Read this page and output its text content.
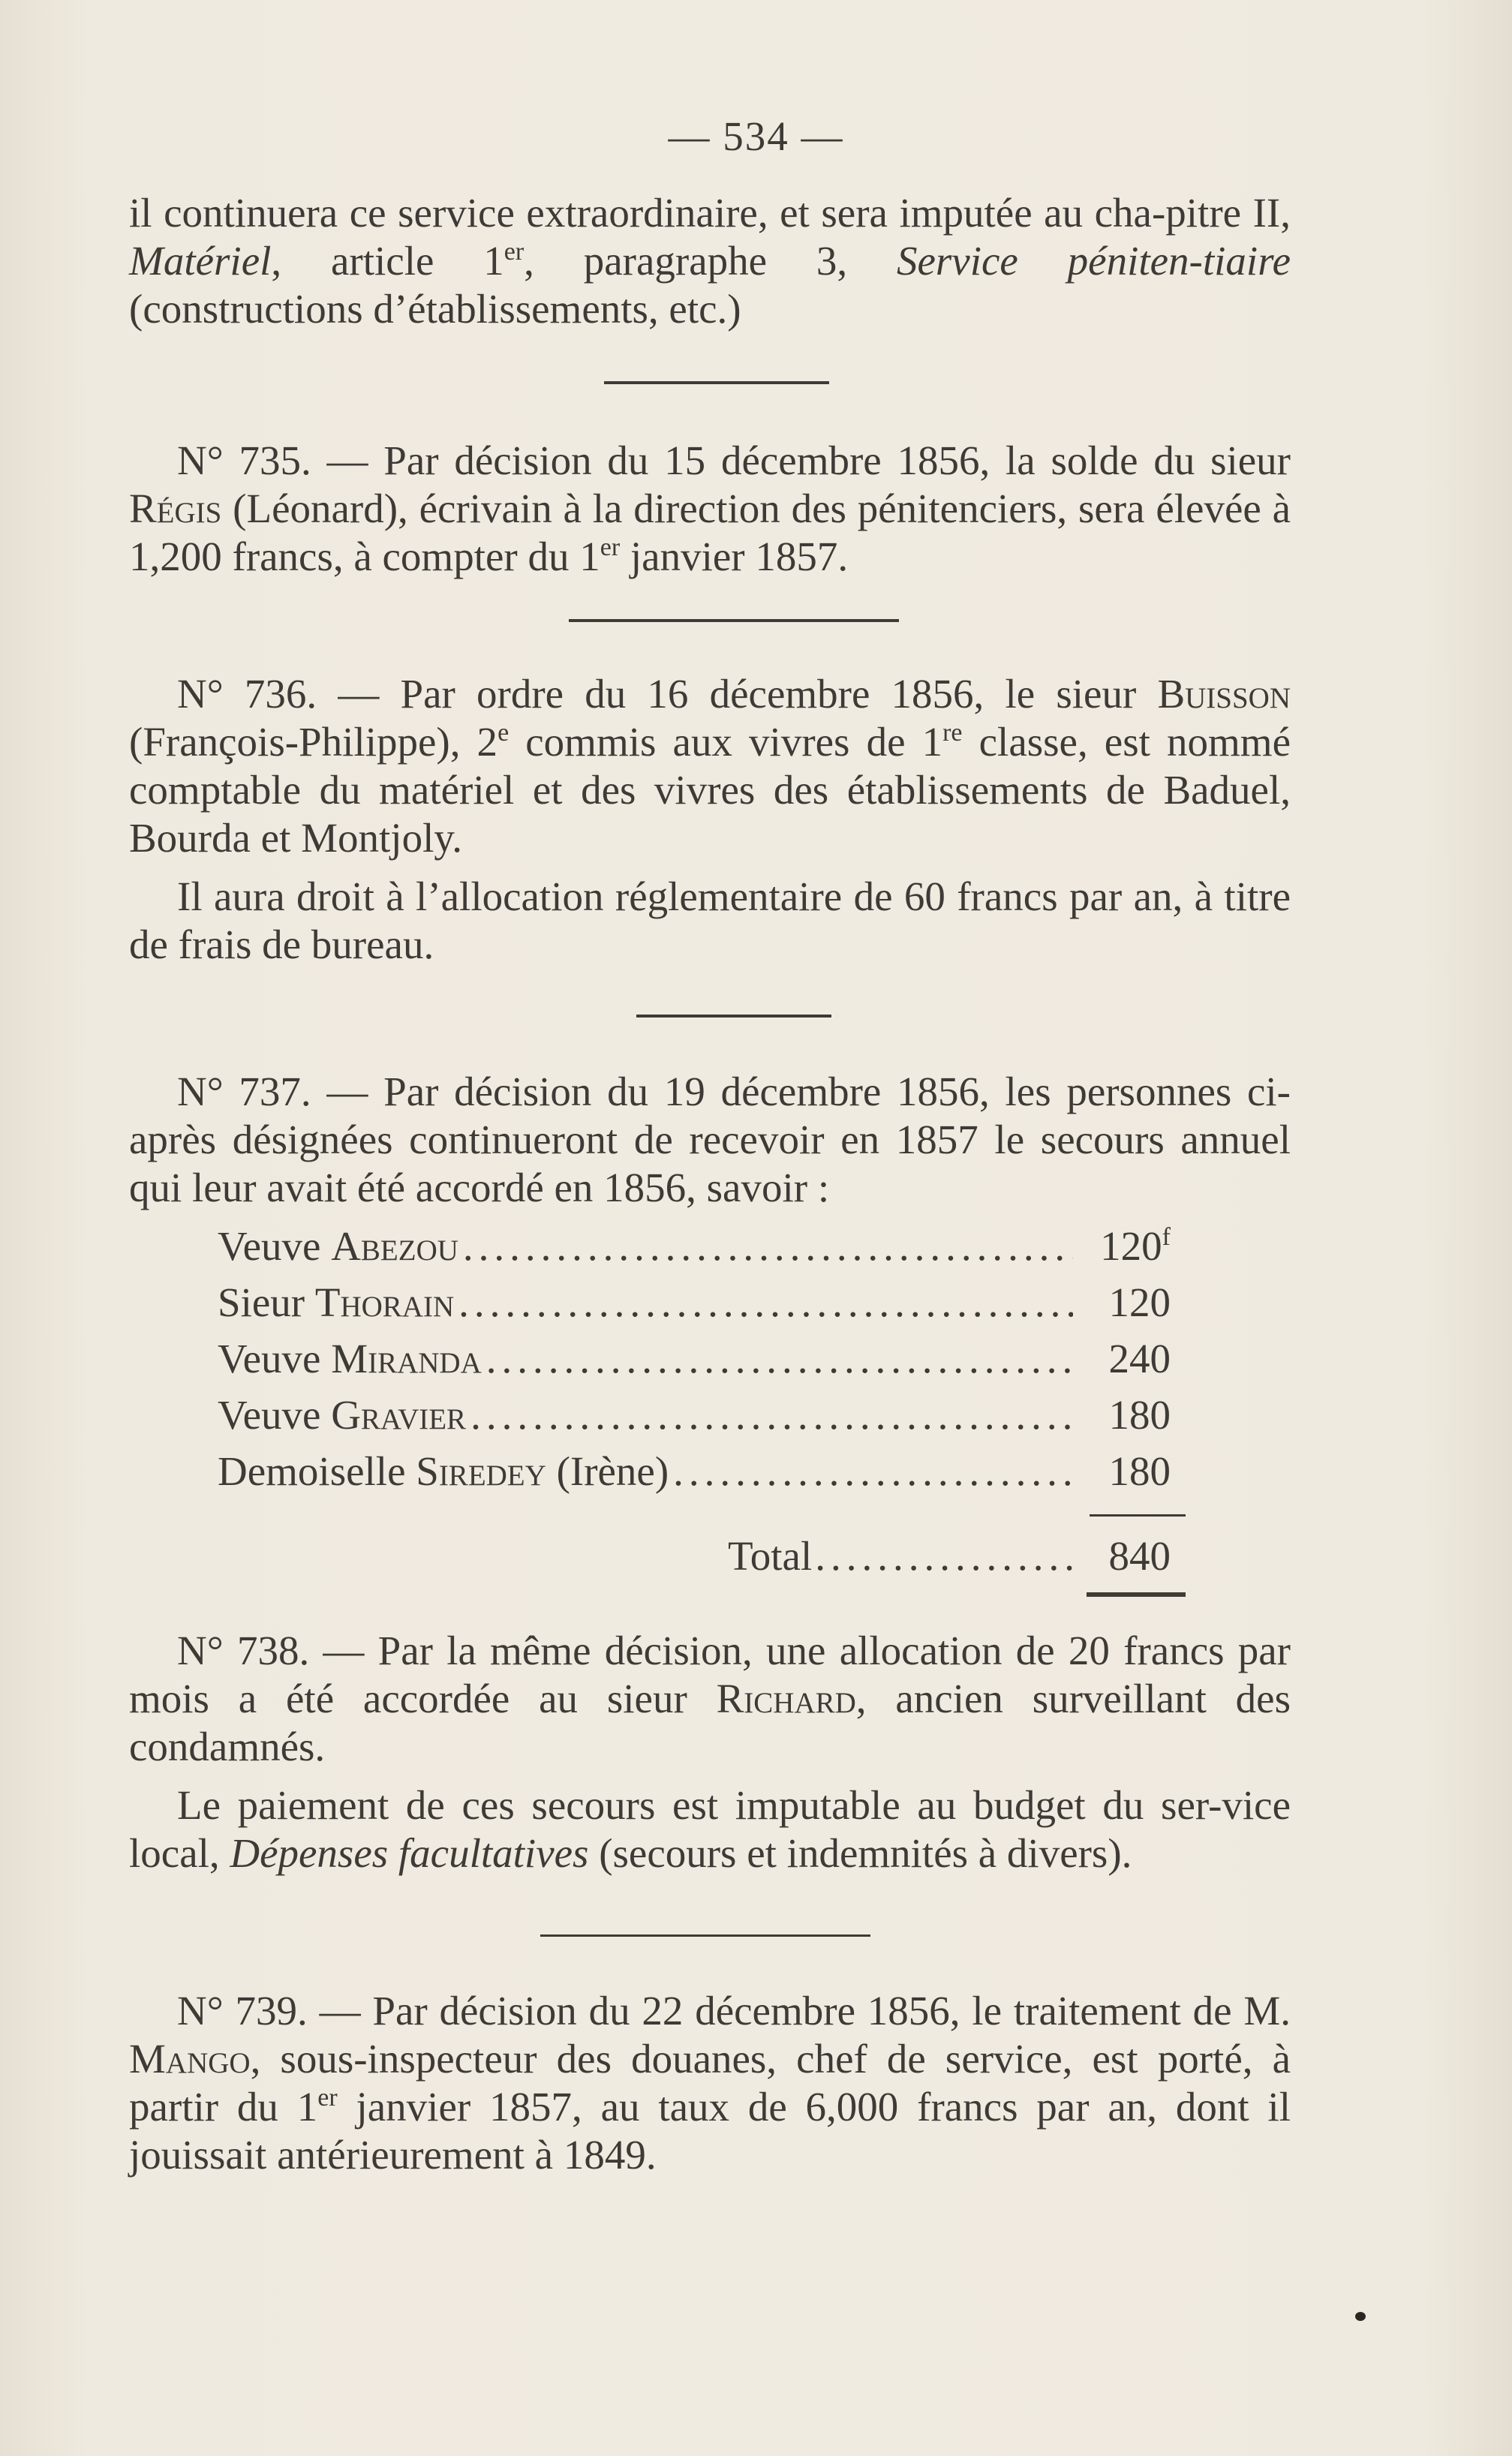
— 534 —

il continuera ce service extraordinaire, et sera imputée au cha-pitre II, Matériel, article 1er, paragraphe 3, Service péniten-tiaire (constructions d’établissements, etc.)

N° 735. — Par décision du 15 décembre 1856, la solde du sieur Régis (Léonard), écrivain à la direction des pénitenciers, sera élevée à 1,200 francs, à compter du 1er janvier 1857.

N° 736. — Par ordre du 16 décembre 1856, le sieur Buisson (François-Philippe), 2e commis aux vivres de 1re classe, est nommé comptable du matériel et des vivres des établissements de Baduel, Bourda et Montjoly.

Il aura droit à l’allocation réglementaire de 60 francs par an, à titre de frais de bureau.

N° 737. — Par décision du 19 décembre 1856, les personnes ci-après désignées continueront de recevoir en 1857 le secours annuel qui leur avait été accordé en 1856, savoir :

Veuve Abezou .....	120$^f$
Sieur Thorain .....	120
Veuve Miranda .....	240
Veuve Gravier .....	180
Demoiselle Siredey (Irène) .....	180
Total .....	840

N° 738. — Par la même décision, une allocation de 20 francs par mois a été accordée au sieur Richard, ancien surveillant des condamnés.

Le paiement de ces secours est imputable au budget du ser-vice local, Dépenses facultatives (secours et indemnités à divers).

N° 739. — Par décision du 22 décembre 1856, le traitement de M. Mango, sous-inspecteur des douanes, chef de service, est porté, à partir du 1er janvier 1857, au taux de 6,000 francs par an, dont il jouissait antérieurement à 1849.
